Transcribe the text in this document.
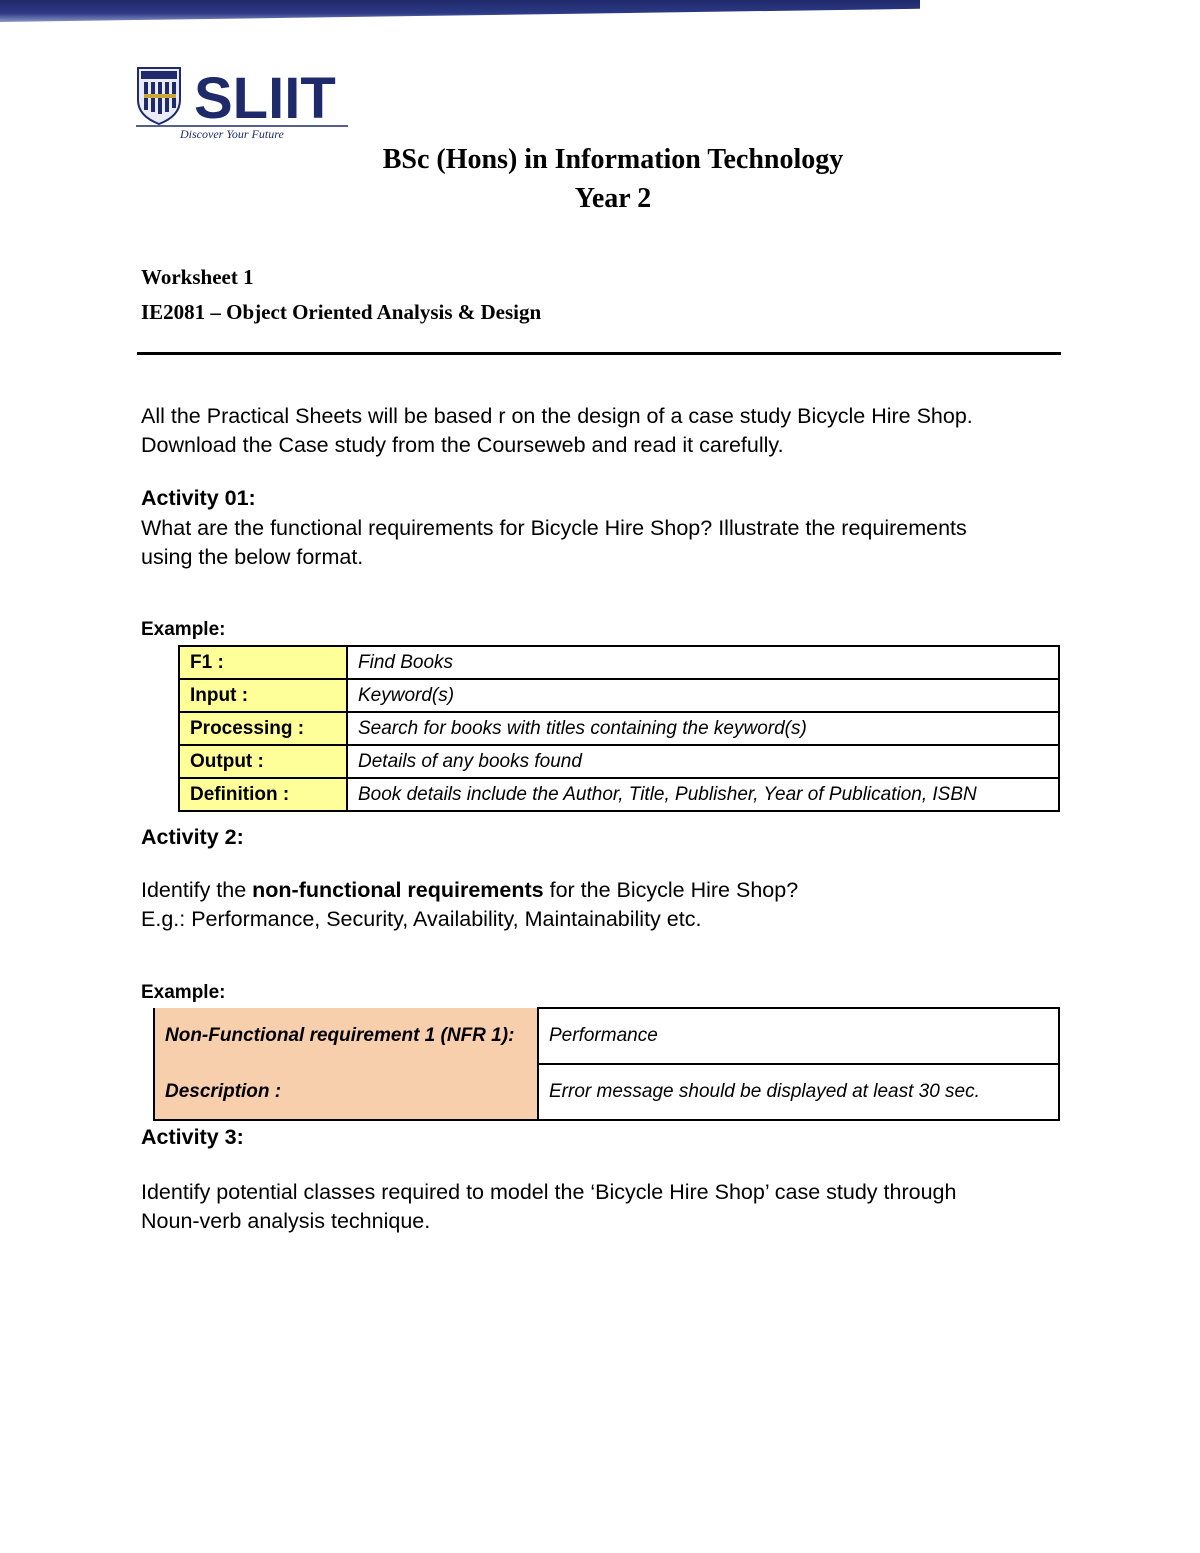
SLIIT
Discover Your Future
BSc (Hons) in Information Technology
Year 2
Worksheet 1
IE2081 – Object Oriented Analysis & Design

All the Practical Sheets will be based r on the design of a case study Bicycle Hire Shop.

Download the Case study from the Courseweb and read it carefully.

Activity 01:

What are the functional requirements for Bicycle Hire Shop? Illustrate the requirements

using the below format.

Example:
F1 :	Find Books
Input :	Keyword(s)
Processing :	Search for books with titles containing the keyword(s)
Output :	Details of any books found
Definition :	Book details include the Author, Title, Publisher, Year of Publication, ISBN
Activity 2:

Identify the non-functional requirements for the Bicycle Hire Shop?

E.g.: Performance, Security, Availability, Maintainability etc.

Example:
Non-Functional requirement 1 (NFR 1):	Performance
Description :	Error message should be displayed at least 30 sec.
Activity 3:

Identify potential classes required to model the ‘Bicycle Hire Shop’ case study through

Noun-verb analysis technique.
